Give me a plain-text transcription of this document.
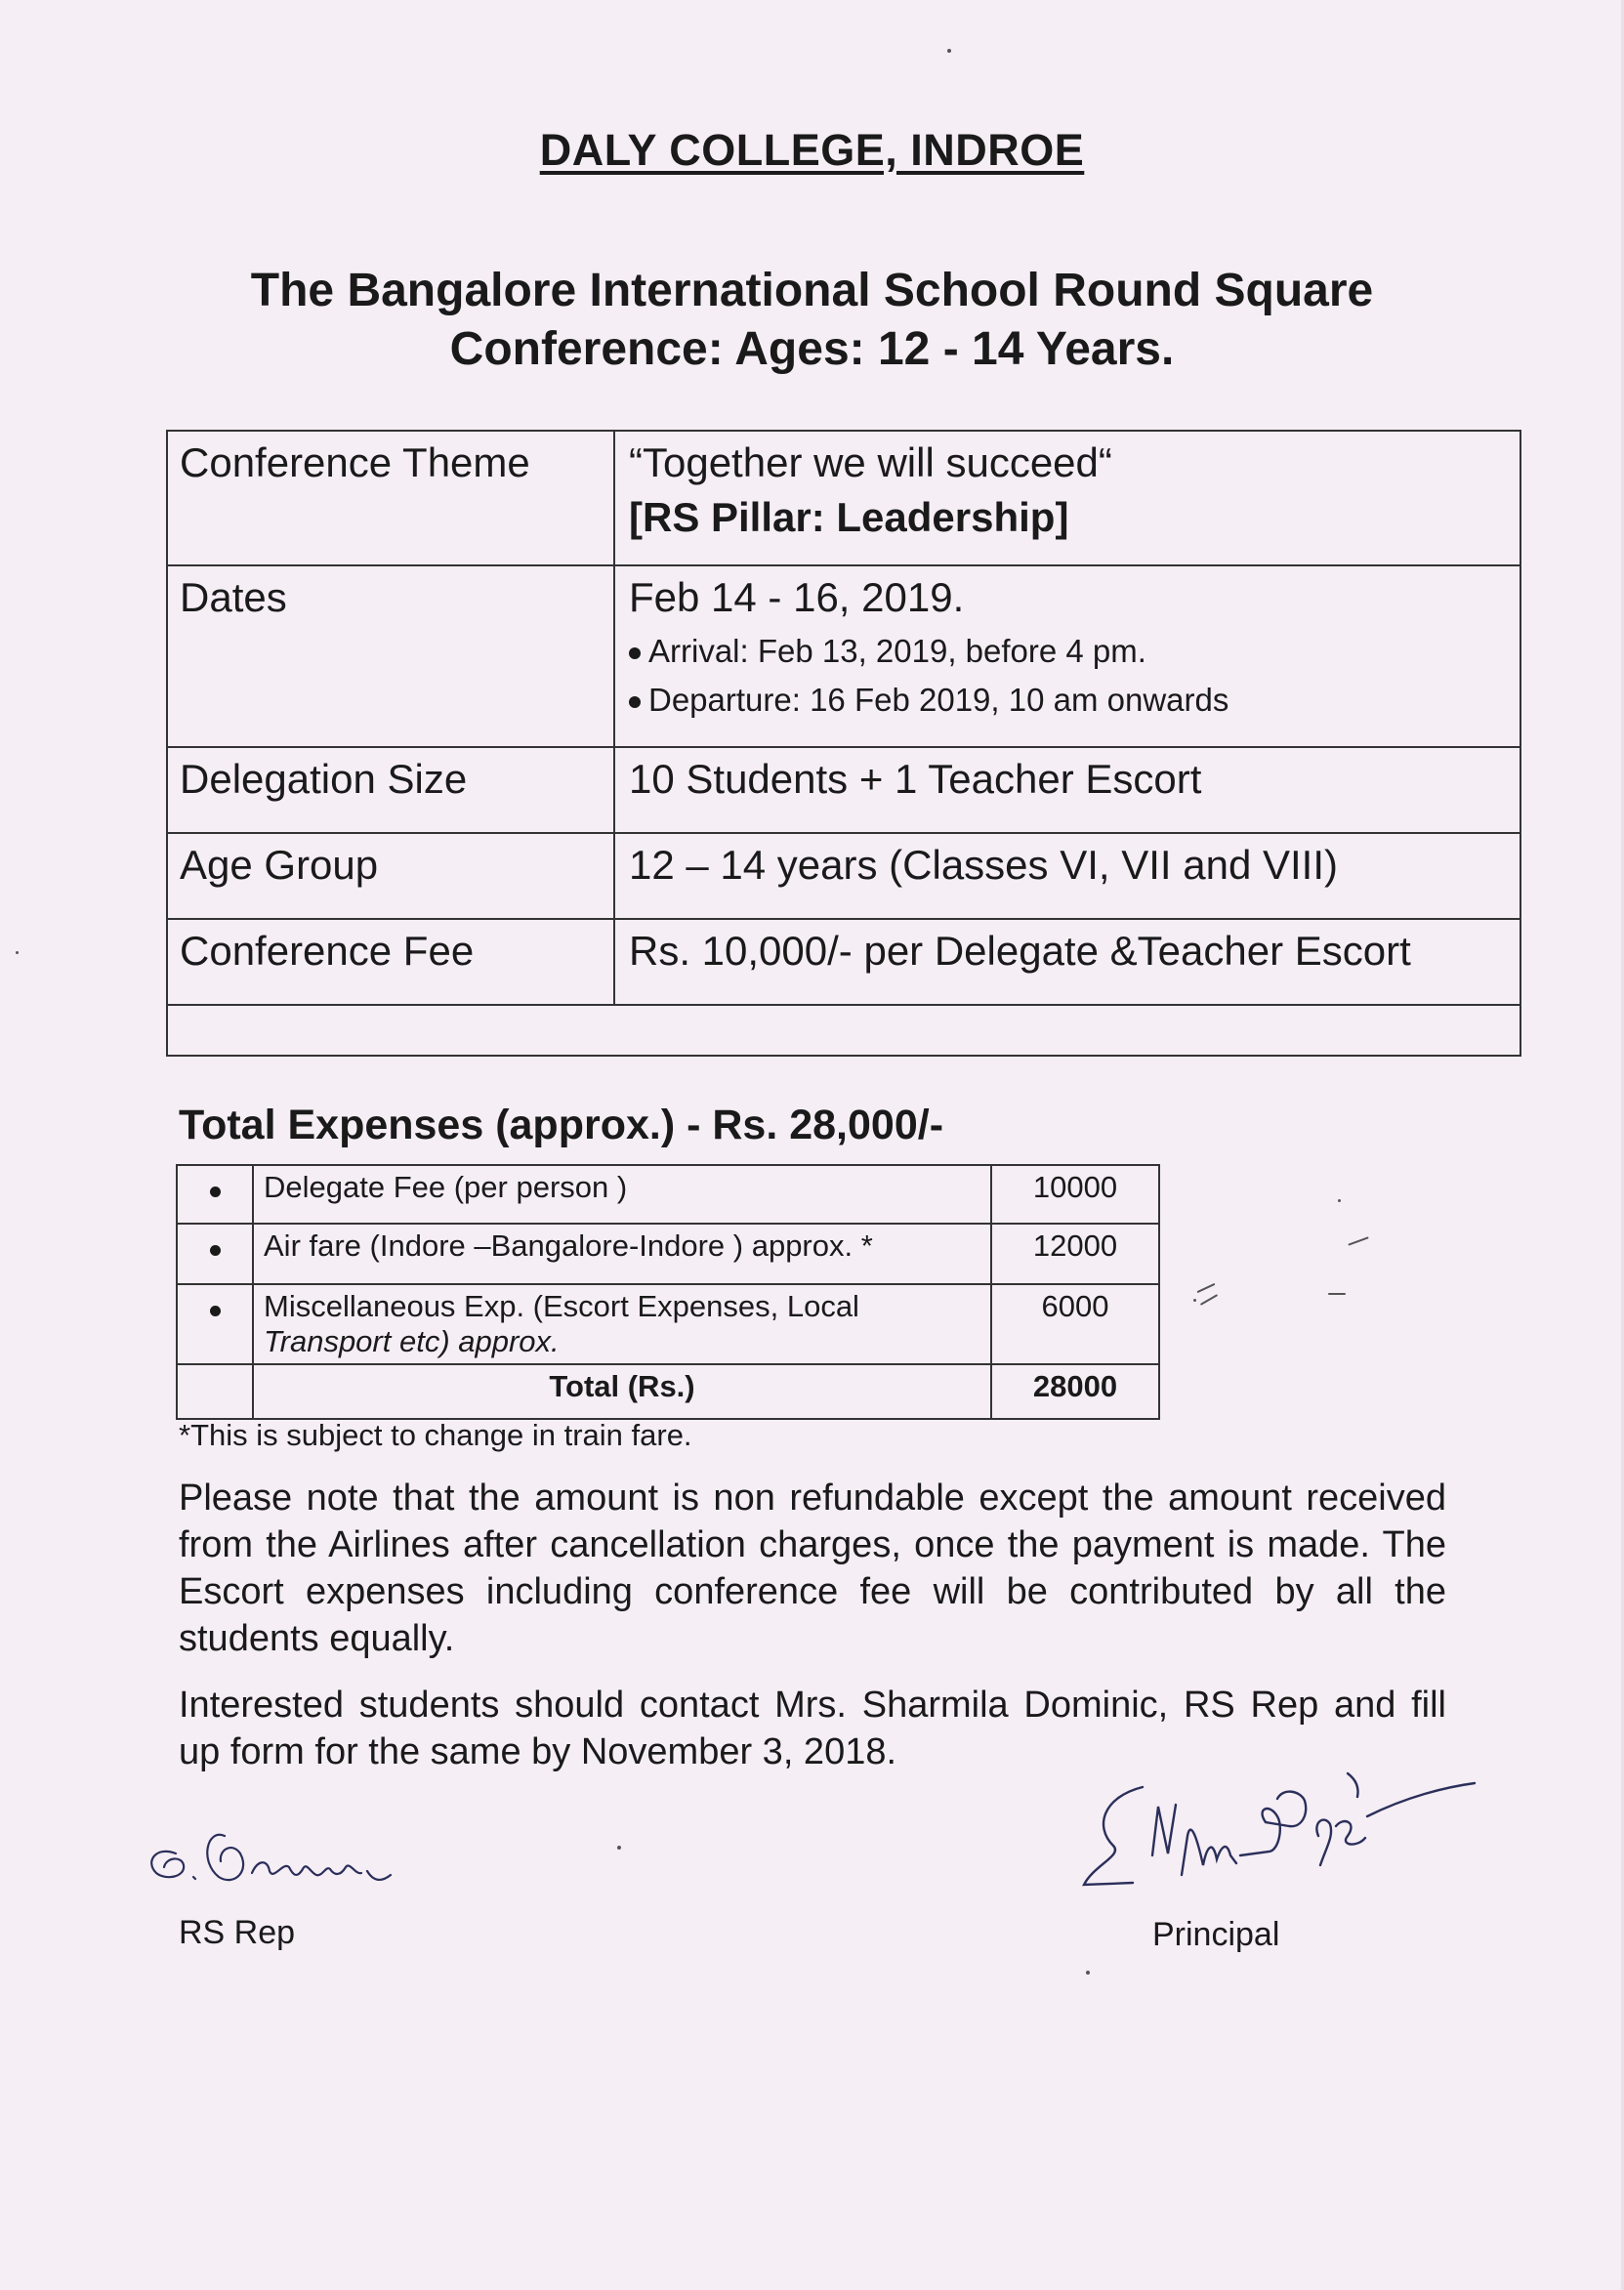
DALY COLLEGE, INDROE
The Bangalore International School Round Square
Conference: Ages: 12 - 14 Years.
Conference Theme	“Together we will succeed“
[RS Pillar: Leadership]

Dates	Feb 14 - 16, 2019.
Arrival: Feb 13, 2019, before 4 pm.
Departure: 16 Feb 2019, 10 am onwards

Delegation Size	10 Students + 1 Teacher Escort
Age Group	12 – 14 years (Classes VI, VII and VIII)
Conference Fee	Rs. 10,000/- per Delegate &Teacher Escort

Total Expenses (approx.) - Rs. 28,000/-
	Delegate Fee (per person )	10000
	Air fare (Indore –Bangalore-Indore ) approx. *	12000

	Miscellaneous Exp. (Escort Expenses, Local
Transport etc) approx.	6000
	Total (Rs.)	28000
*This is subject to change in train fare.
Please note that the amount is non refundable except the amount received from the Airlines after cancellation charges, once the payment is made. The Escort expenses including conference fee will be contributed by all the students equally.
Interested students should contact Mrs. Sharmila Dominic, RS Rep and fill up form for the same by November 3, 2018.
RS Rep	Principal
